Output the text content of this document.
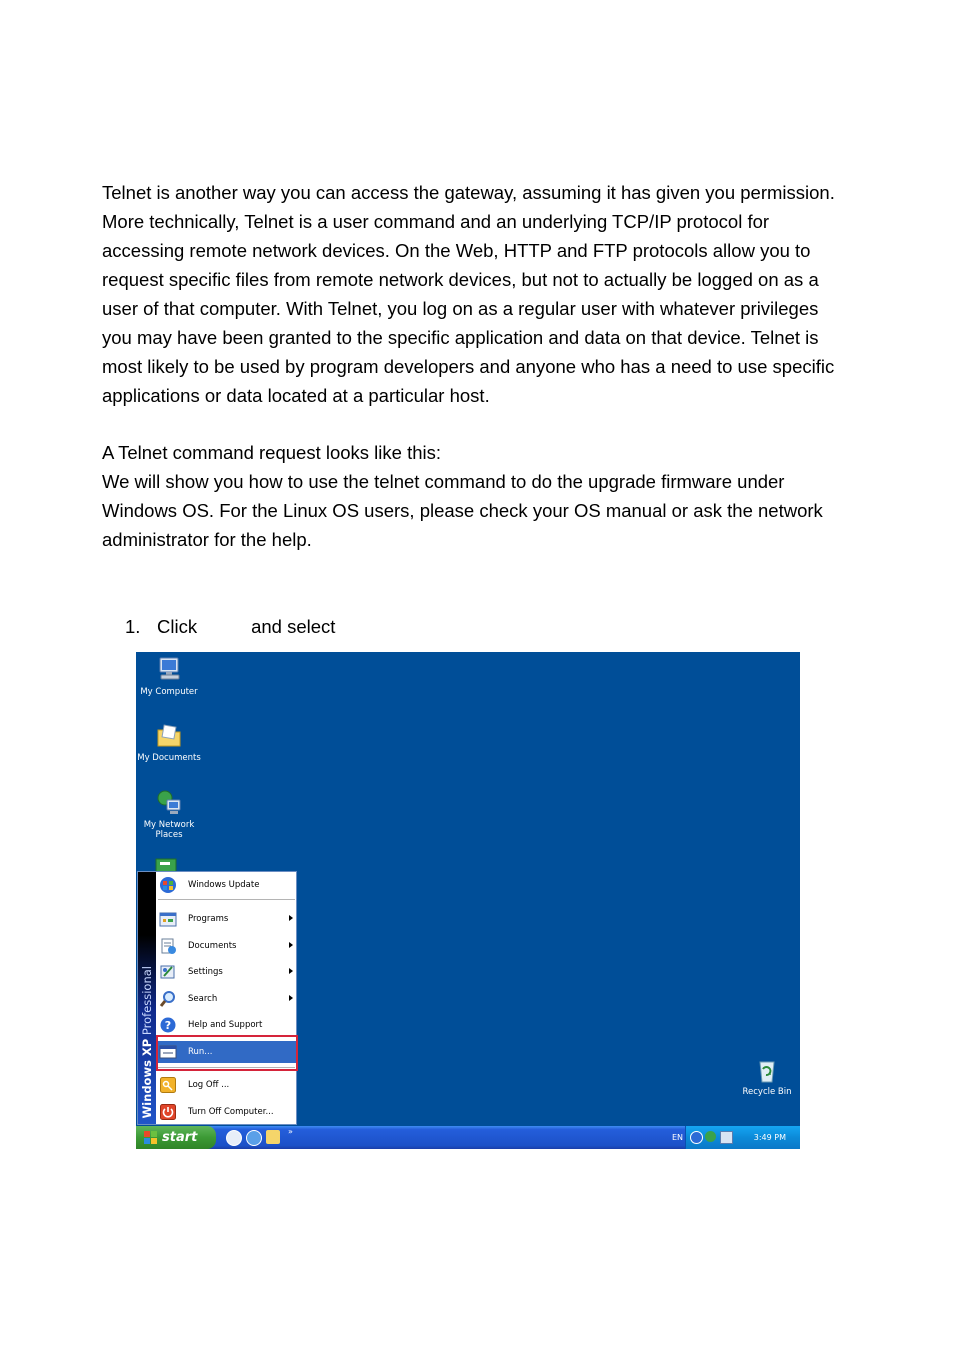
Telnet is another way you can access the gateway, assuming it has given you permission. More technically, Telnet is a user command and an underlying TCP/IP protocol for accessing remote network devices. On the Web, HTTP and FTP protocols allow you to request specific files from remote network devices, but not to actually be logged on as a user of that computer. With Telnet, you log on as a regular user with whatever privileges you may have been granted to the specific application and data on that device. Telnet is most likely to be used by program developers and anyone who has a need to use specific applications or data located at a particular host.

A Telnet command request looks like this:
We will show you how to use the telnet command to do the upgrade firmware under Windows OS. For the Linux OS users, please check your OS manual or ask the network administrator for the help.
1. Click	and select
My Computer
My Documents
My Network Places
Recycle Bin
Windows XP Professional
Windows Update
Programs
Documents
Settings
Search
? Help and Support
Run...
Log Off ...
Turn Off Computer...
start	»
EN	3:49 PM
